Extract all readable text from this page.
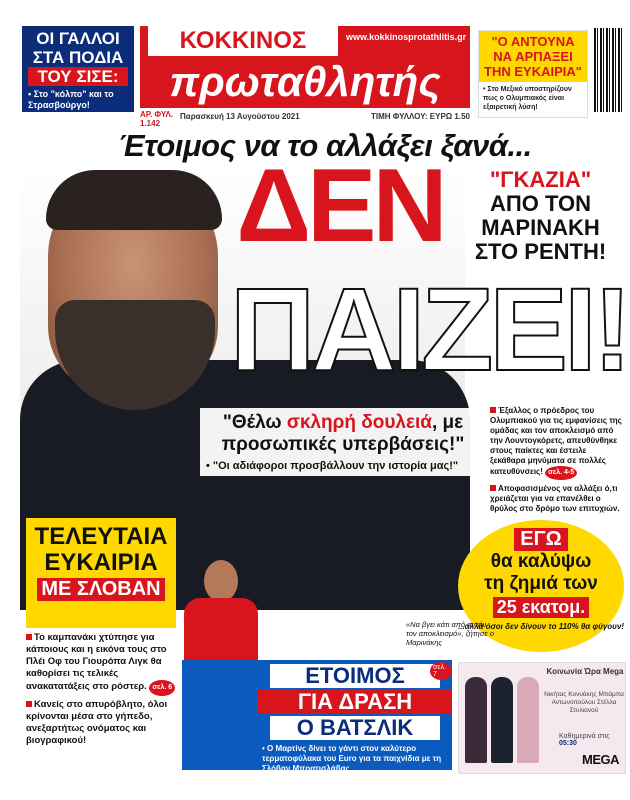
ΟΙ ΓΑΛΛΟΙ
ΣΤΑ ΠΟΔΙΑ
ΤΟΥ ΣΙΣΕ:
• Στο "κόλπο" και το Στρασβούργο!
ΚΟΚΚΙΝΟΣ	www.kokkinosprotathlitis.gr
πρωταθλητής
ΑΡ. ΦΥΛ. 1.142
Παρασκευή 13 Αυγούστου 2021	ΤΙΜΗ ΦΥΛΛΟΥ: ΕΥΡΩ 1.50
"Ο ΑΝΤΟΥΝΑ ΝΑ ΑΡΠΑΞΕΙ ΤΗΝ ΕΥΚΑΙΡΙΑ"
• Στο Μεξικό υποστηρίζουν πως ο Ολυμπιακός είναι εξαιρετική λύση!
Έτοιμος να το αλλάξει ξανά...
ΔΕΝ
ΠΑΙΖΕΙ!
"ΓΚΑΖΙΑ"
ΑΠΟ ΤΟΝ
ΜΑΡΙΝΑΚΗ
ΣΤΟ ΡΕΝΤΗ!
"Θέλω σκληρή δουλειά, με προσωπικές υπερβάσεις!"
• "Οι αδιάφοροι προσβάλλουν την ιστορία μας!"

Έξαλλος ο πρόεδρος του Ολυμπιακού για τις εμφανίσεις της ομάδας και τον αποκλεισμό από την Λουντογκόρετς, απευθύνθηκε στους παίκτες και έστειλε ξεκάθαρα μηνύματα σε πολλές κατευθύνσεις! σελ. 4-5

Αποφασισμένος να αλλάξει ό,τι χρειάζεται για να επανέλθει ο θρύλος στο δρόμο των επιτυχιών.

ΕΓΩ
θα καλύψω
τη ζημιά των
25 εκατομ.
...αλλά όσοι δεν δίνουν το 110% θα φύγουν!
ΤΕΛΕΥΤΑΙΑ
ΕΥΚΑΙΡΙΑ
ΜΕ ΣΛΟΒΑΝ

Το καμπανάκι χτύπησε για κάποιους και η εικόνα τους στο Πλέι Οφ του Γιουρόπα Λιγκ θα καθορίσει τις τελικές ανακατατάξεις στο ρόστερ. σελ. 6

Κανείς στο απυρόβλητο, όλοι κρίνονται μέσα στο γήπεδο, ανεξαρτήτως ονόματος και βιογραφικού!

«Να βγει κάτι από αυτόν τον αποκλεισμό», ζήτησε ο Μαρινάκης
ΕΤΟΙΜΟΣ
ΓΙΑ ΔΡΑΣΗ
Ο ΒΑΤΣΛΙΚ
σελ. 7
• Ο Μαρτίνς δίνει το γάντι στον καλύτερο τερματοφύλακα του Euro για τα παιχνίδια με τη Σλόβαν Μπρατισλάβας
Κοινωνία Ώρα Mega
Νικήτας Κονυάκης Μπάμπα Αντωνοπούλου Στέλλα Στυλιανού
Καθημερινά στις 05:30
MEGA
